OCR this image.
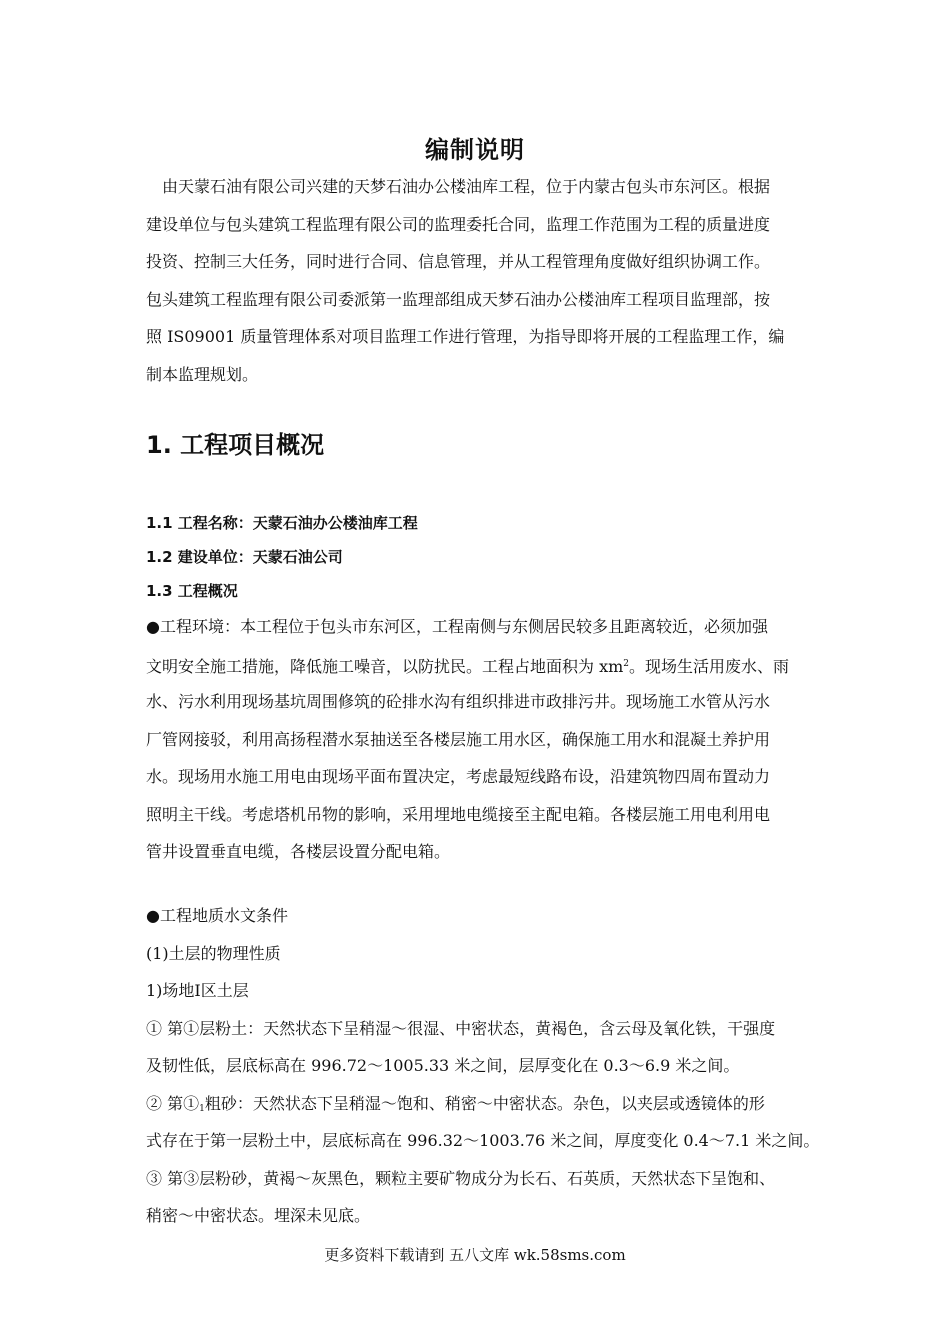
编制说明
　由天蒙石油有限公司兴建的天梦石油办公楼油库工程，位于内蒙古包头市东河区。根据
建设单位与包头建筑工程监理有限公司的监理委托合同，监理工作范围为工程的质量进度
投资、控制三大任务，同时进行合同、信息管理，并从工程管理角度做好组织协调工作。
包头建筑工程监理有限公司委派第一监理部组成天梦石油办公楼油库工程项目监理部，按
照 IS09001 质量管理体系对项目监理工作进行管理，为指导即将开展的工程监理工作，编
制本监理规划。
1. 工程项目概况
1.1 工程名称：天蒙石油办公楼油库工程
1.2 建设单位：天蒙石油公司
1.3 工程概况
●工程环境：本工程位于包头市东河区，工程南侧与东侧居民较多且距离较近，必须加强
文明安全施工措施，降低施工噪音，以防扰民。工程占地面积为 $xm^2$。现场生活用废水、雨
水、污水利用现场基坑周围修筑的砼排水沟有组织排进市政排污井。现场施工水管从污水
厂管网接驳，利用高扬程潜水泵抽送至各楼层施工用水区，确保施工用水和混凝土养护用
水。现场用水施工用电由现场平面布置决定，考虑最短线路布设，沿建筑物四周布置动力
照明主干线。考虑塔机吊物的影响，采用埋地电缆接至主配电箱。各楼层施工用电利用电
管井设置垂直电缆，各楼层设置分配电箱。
●工程地质水文条件
(1)土层的物理性质
1)场地Ⅰ区土层
① 第①层粉土：天然状态下呈稍湿～很湿、中密状态，黄褐色，含云母及氧化铁，干强度
及韧性低，层底标高在 996.72～1005.33 米之间，层厚变化在 0.3～6.9 米之间。
② 第$①_1$粗砂：天然状态下呈稍湿～饱和、稍密～中密状态。杂色，以夹层或透镜体的形
式存在于第一层粉土中，层底标高在 996.32～1003.76 米之间，厚度变化 0.4～7.1 米之间。
③ 第③层粉砂，黄褐～灰黑色，颗粒主要矿物成分为长石、石英质，天然状态下呈饱和、
稍密～中密状态。埋深未见底。
更多资料下载请到 五八文库 wk.58sms.com
